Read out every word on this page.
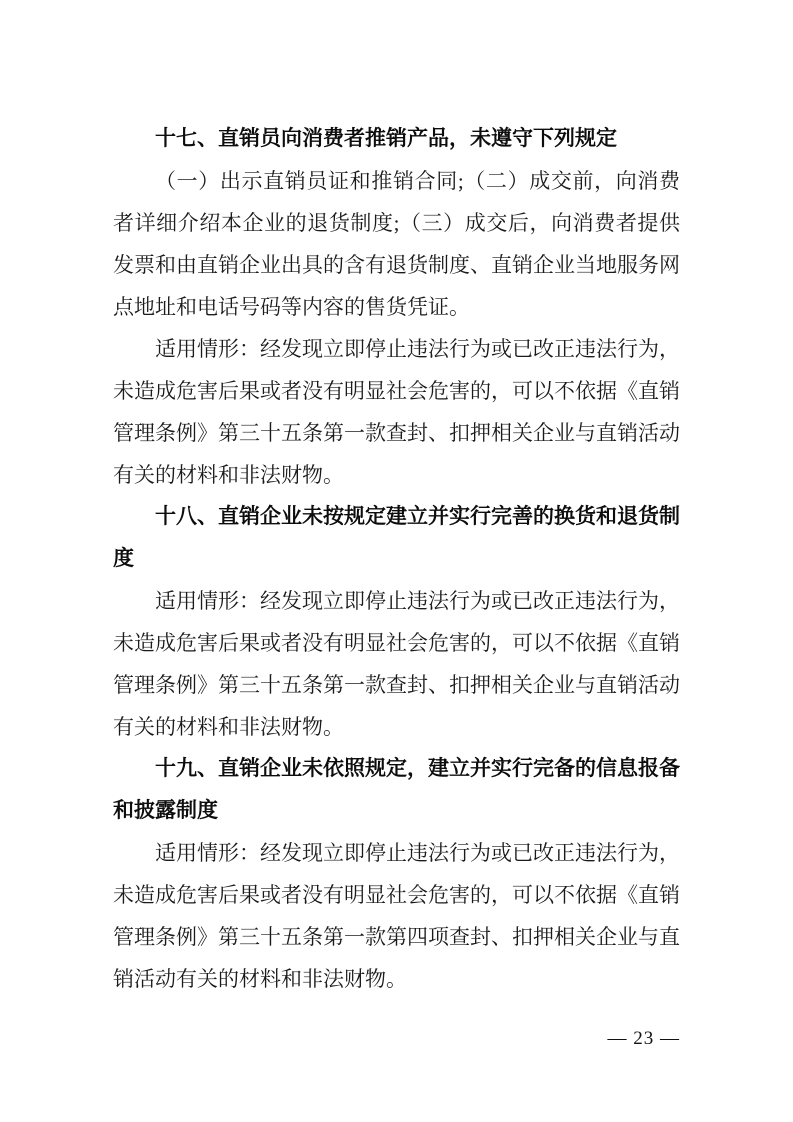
十七、直销员向消费者推销产品，未遵守下列规定

（一）出示直销员证和推销合同;（二）成交前，向消费者详细介绍本企业的退货制度;（三）成交后，向消费者提供发票和由直销企业出具的含有退货制度、直销企业当地服务网点地址和电话号码等内容的售货凭证。

适用情形：经发现立即停止违法行为或已改正违法行为，未造成危害后果或者没有明显社会危害的，可以不依据《直销管理条例》第三十五条第一款查封、扣押相关企业与直销活动有关的材料和非法财物。

十八、直销企业未按规定建立并实行完善的换货和退货制度

适用情形：经发现立即停止违法行为或已改正违法行为，未造成危害后果或者没有明显社会危害的，可以不依据《直销管理条例》第三十五条第一款查封、扣押相关企业与直销活动有关的材料和非法财物。

十九、直销企业未依照规定，建立并实行完备的信息报备和披露制度

适用情形：经发现立即停止违法行为或已改正违法行为，未造成危害后果或者没有明显社会危害的，可以不依据《直销管理条例》第三十五条第一款第四项查封、扣押相关企业与直销活动有关的材料和非法财物。

— 23 —
